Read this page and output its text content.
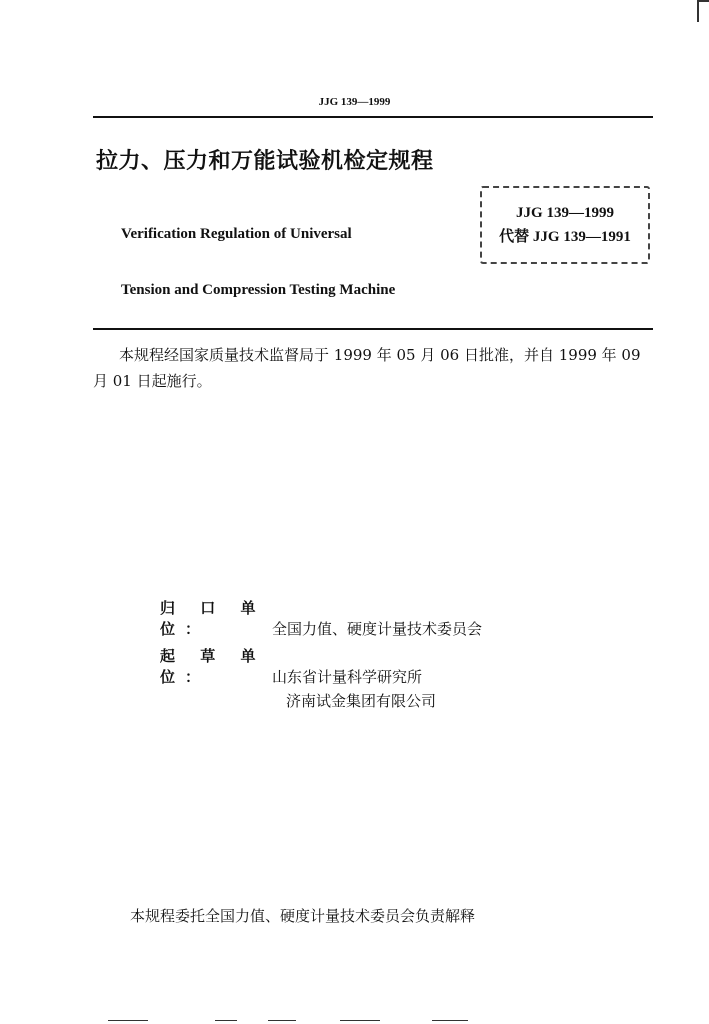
JJG 139—1999
拉力、压力和万能试验机检定规程
JJG 139—1999
代替 JJG 139—1991
Verification Regulation of Universal
Tension and Compression Testing Machine
本规程经国家质量技术监督局于 1999 年 05 月 06 日批准，并自 1999 年 09 月 01 日起施行。
归 口 单 位：	全国力值、硬度计量技术委员会
起 草 单 位：	山东省计量科学研究所
济南试金集团有限公司
本规程委托全国力值、硬度计量技术委员会负责解释
